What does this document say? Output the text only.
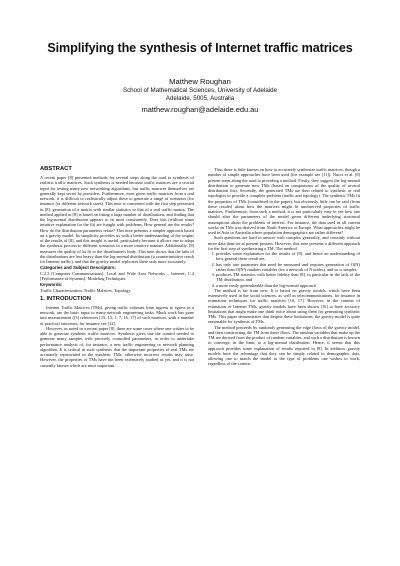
Simplifying the synthesis of Internet traffic matrices
Matthew Roughan
School of Mathematical Sciences, University of Adelaide
Adelaide, 5005, Australia
matthew.roughan@adelaide.edu.au
ABSTRACT

A recent paper [8] presented methods for several steps along the road to synthesis of realistic traffic matrices. Such synthesis is needed because traffic matrices are a crucial input for testing many new networking algorithms, but traffic matrices themselves are generally kept secret by providers. Furthermore, even given traffic matrices from a real network, it is difficult to realistically adjust these to generate a range of scenarios (for instance for different network sizes). This note is concerned with the first step presented in [8]: generation of a matrix with similar statistics to that of a real traffic matrix. The method applied in [8] is based on fitting a large number of distributions, and finding that the log-normal distribution appears to fit most consistently. Does this (without some intuitive explanation for the fit) are fraught with problems. How general are the results? How do the distribution parameters relate? This note presents a simpler approach based on a gravity model. Its simplicity provides us with a better understanding of the origins of the results of [8], and this insight is useful, particularly because it allows one to adapt the synthesis process to different scenarios in a more intuitive manner. Additionally, [8] measures the quality of its fit to the distribution's body. This note shows that the tails of the distributions are less heavy than the log-normal distribution (a counterintuitive result for Internet traffic), and that the gravity model replicates these tails more accurately.

Categories and Subject Descriptors:

C.2.3 [Computer Communications]: Local and Wide Area Networks – Internet; C.4 [Performance of Systems]: Modeling Techniques.

Keywords:

Traffic Characterization, Traffic Matrices, Topology.

1. INTRODUCTION

Internet Traffic Matrices (TMs), giving traffic volumes from ingress to egress in a network, are the basic input to many network engineering tasks. Much work has gone into measurement ([3] references [15, 13, 1, 7, 16, 17] of such matrices, with a number of practical outcomes, for instance see [12].

However, as noted in a recent paper [8], there are some cases where one wishes to be able to generate synthetic traffic matrices. Synthesis gives one the control needed to generate many samples with precisely controlled parameters, in order to undertake performance analysis of, for instance, a new traffic engineering or network planning algorithm. It is critical in such synthesis that the important properties of real TMs are accurately represented in the synthetic TMs, otherwise incorrect results may arise. However, the properties of TMs have not been extensively studied as yet, and it is not currently known which are most important.

Thus there is little known on how to accurately synthesize traffic matrices, though a number of simple approaches have been used (for example see [11]). Nucci et al. [8] present steps along the road to providing a method. Firstly, they suggest the log-normal distribution to generate new TMs (based on comparisons of the quality of several distribution fits). Secondly, the generated TMs are then related to synthetic or real topologies to provide a complete problem (traffic and topology). The synthetic TMs fit the properties of TMs (considered in the paper), but obviously little can be said (from these results) about how the matrices might fit unobserved properties of traffic matrices. Furthermore, from such a method, it is not particularly easy to see how one should alter the parameters of the model given different underlying structural assumptions about the problems of interest. For instance, the data used in all current works on TMs was derived from North America or Europe. What approaches might be used in Asia or Australia where population demographics are rather different?

Such questions are hard to answer with complex generality, and certainly without more data than we at present possess. However, this note presents a different approach for the first step of synthesizing a TM. The method

1. provides some explanation for the results of [8], and hence an understanding of how general these result are,
2. has only one parameter that need be measured and requires generation of O(N) rather than O(N²) random variables (for a network of N nodes), and so is simpler,
3. produces TM statistics with better fidelity than [8], in particular in the tails of the TM distribution, and
4. a more easily generalizable than the log-normal approach.

The method is far from new. It is based on gravity models, which have been extensively used in the social sciences, as well as telecommunications, for instance in estimation techniques for traffic matrices [16, 17]. However, in the context of estimation of Internet TMs, gravity models have been shown [16] to have accuracy limitations that might make one think twice about using them for generating synthetic TMs. This paper demonstrates that despite these limitations, the gravity model is quite reasonable for synthesis of TMs.

The method proceeds by randomly generating the edge flows of the gravity model, and then constructing the TM from these flows. The random variables that make up the TM are derived from the product of random variables, and such a distribution is known to converge, in the limit, to a log-normal distribution. Hence, it seems that this approach provides some explanation of results reported in [8]. In addition, gravity models have the advantage that they can be simply related to demographic data, allowing one to match the model to the type of problems one wishes to work, regardless of the context.
